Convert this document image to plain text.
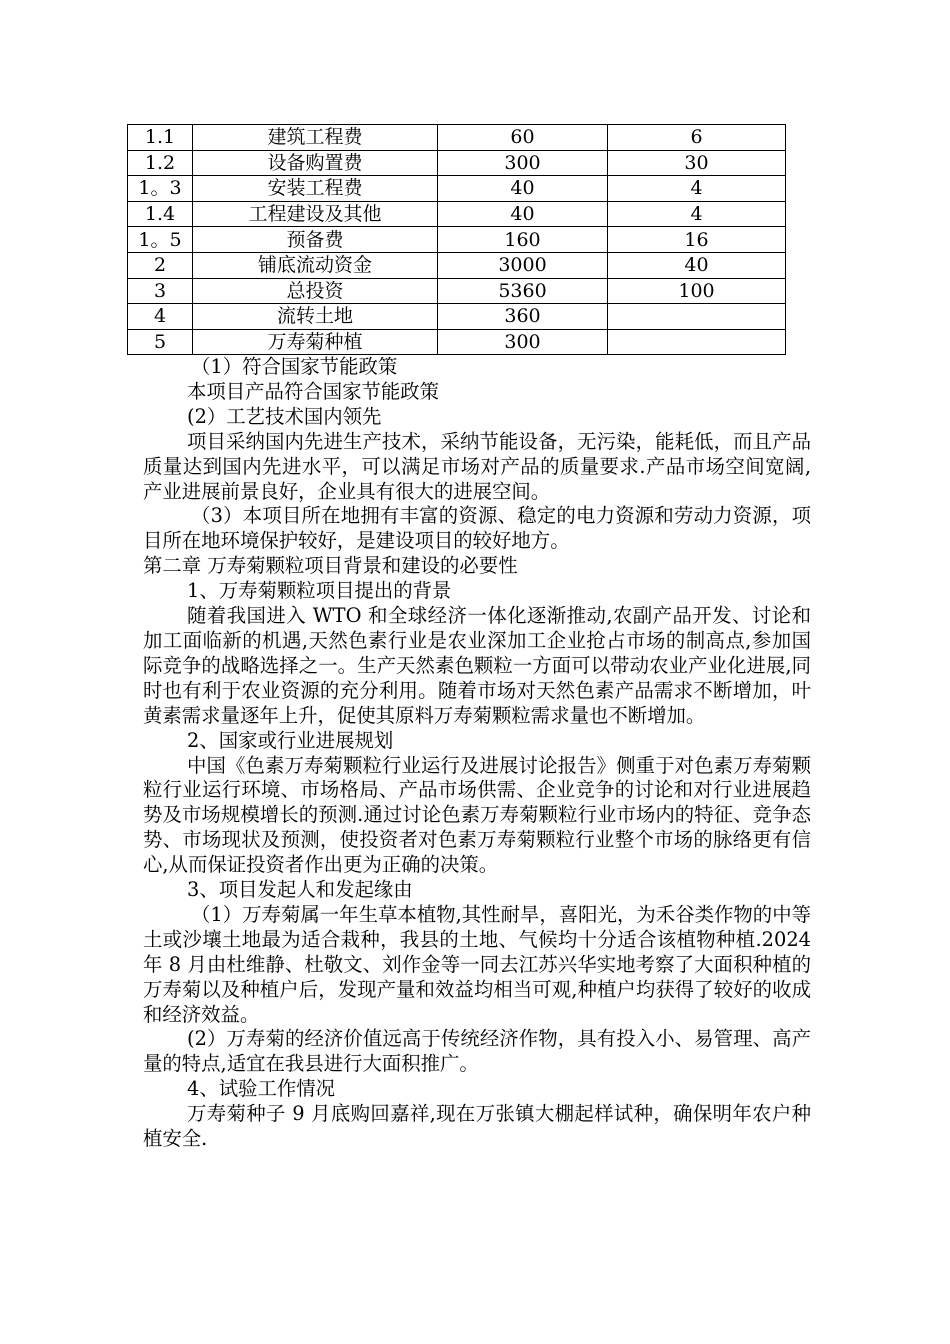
1.1	建筑工程费	60	6
1.2	设备购置费	300	30
1。3	安装工程费	40	4
1.4	工程建设及其他	40	4
1。5	预备费	160	16
2	铺底流动资金	3000	40
3	总投资	5360	100
4	流转土地	360	
5	万寿菊种植	300	

（1）符合国家节能政策

本项目产品符合国家节能政策

(2）工艺技术国内领先

项目采纳国内先进生产技术，采纳节能设备，无污染，能耗低，而且产品质量达到国内先进水平，可以满足市场对产品的质量要求.产品市场空间宽阔,产业进展前景良好，企业具有很大的进展空间。

（3）本项目所在地拥有丰富的资源、稳定的电力资源和劳动力资源，项目所在地环境保护较好，是建设项目的较好地方。

第二章 万寿菊颗粒项目背景和建设的必要性

1、万寿菊颗粒项目提出的背景

随着我国进入 WTO 和全球经济一体化逐渐推动,农副产品开发、讨论和加工面临新的机遇,天然色素行业是农业深加工企业抢占市场的制高点,参加国际竞争的战略选择之一。生产天然素色颗粒一方面可以带动农业产业化进展,同时也有利于农业资源的充分利用。随着市场对天然色素产品需求不断增加，叶黄素需求量逐年上升，促使其原料万寿菊颗粒需求量也不断增加。

2、国家或行业进展规划

中国《色素万寿菊颗粒行业运行及进展讨论报告》侧重于对色素万寿菊颗粒行业运行环境、市场格局、产品市场供需、企业竞争的讨论和对行业进展趋势及市场规模增长的预测.通过讨论色素万寿菊颗粒行业市场内的特征、竞争态势、市场现状及预测，使投资者对色素万寿菊颗粒行业整个市场的脉络更有信心,从而保证投资者作出更为正确的决策。

3、项目发起人和发起缘由

（1）万寿菊属一年生草本植物,其性耐旱，喜阳光，为禾谷类作物的中等土或沙壤土地最为适合栽种，我县的土地、气候均十分适合该植物种植.2024 年 8 月由杜维静、杜敬文、刘作金等一同去江苏兴华实地考察了大面积种植的万寿菊以及种植户后，发现产量和效益均相当可观,种植户均获得了较好的收成和经济效益。

(2）万寿菊的经济价值远高于传统经济作物，具有投入小、易管理、高产量的特点,适宜在我县进行大面积推广。

4、试验工作情况

万寿菊种子 9 月底购回嘉祥,现在万张镇大棚起样试种，确保明年农户种植安全.
